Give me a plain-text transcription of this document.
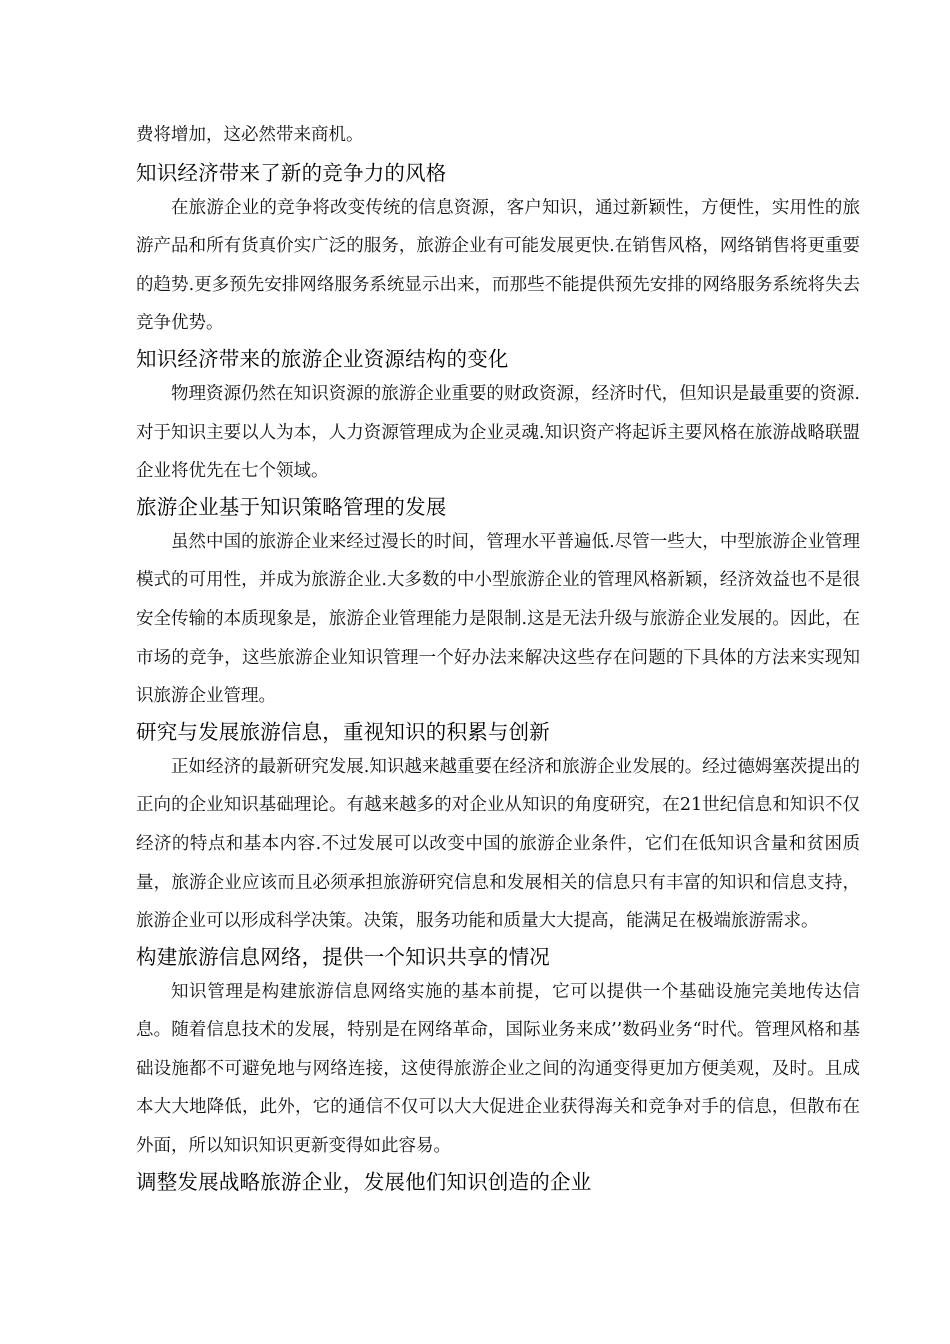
费将增加，这必然带来商机。

知识经济带来了新的竞争力的风格

在旅游企业的竞争将改变传统的信息资源，客户知识，通过新颖性，方便性，实用性的旅游产品和所有货真价实广泛的服务，旅游企业有可能发展更快.在销售风格，网络销售将更重要的趋势.更多预先安排网络服务系统显示出来，而那些不能提供预先安排的网络服务系统将失去竞争优势。

知识经济带来的旅游企业资源结构的变化

物理资源仍然在知识资源的旅游企业重要的财政资源，经济时代，但知识是最重要的资源.对于知识主要以人为本，人力资源管理成为企业灵魂.知识资产将起诉主要风格在旅游战略联盟企业将优先在七个领域。

旅游企业基于知识策略管理的发展

虽然中国的旅游企业来经过漫长的时间，管理水平普遍低.尽管一些大，中型旅游企业管理模式的可用性，并成为旅游企业.大多数的中小型旅游企业的管理风格新颖，经济效益也不是很安全传输的本质现象是，旅游企业管理能力是限制.这是无法升级与旅游企业发展的。因此，在市场的竞争，这些旅游企业知识管理一个好办法来解决这些存在问题的下具体的方法来实现知识旅游企业管理。

研究与发展旅游信息，重视知识的积累与创新

正如经济的最新研究发展.知识越来越重要在经济和旅游企业发展的。经过德姆塞茨提出的正向的企业知识基础理论。有越来越多的对企业从知识的角度研究，在21世纪信息和知识不仅经济的特点和基本内容.不过发展可以改变中国的旅游企业条件，它们在低知识含量和贫困质量，旅游企业应该而且必须承担旅游研究信息和发展相关的信息只有丰富的知识和信息支持，旅游企业可以形成科学决策。决策，服务功能和质量大大提高，能满足在极端旅游需求。

构建旅游信息网络，提供一个知识共享的情况

知识管理是构建旅游信息网络实施的基本前提，它可以提供一个基础设施完美地传达信息。随着信息技术的发展，特别是在网络革命，国际业务来成’’数码业务“时代。管理风格和基础设施都不可避免地与网络连接，这使得旅游企业之间的沟通变得更加方便美观，及时。且成本大大地降低，此外，它的通信不仅可以大大促进企业获得海关和竞争对手的信息，但散布在外面，所以知识知识更新变得如此容易。

调整发展战略旅游企业，发展他们知识创造的企业
